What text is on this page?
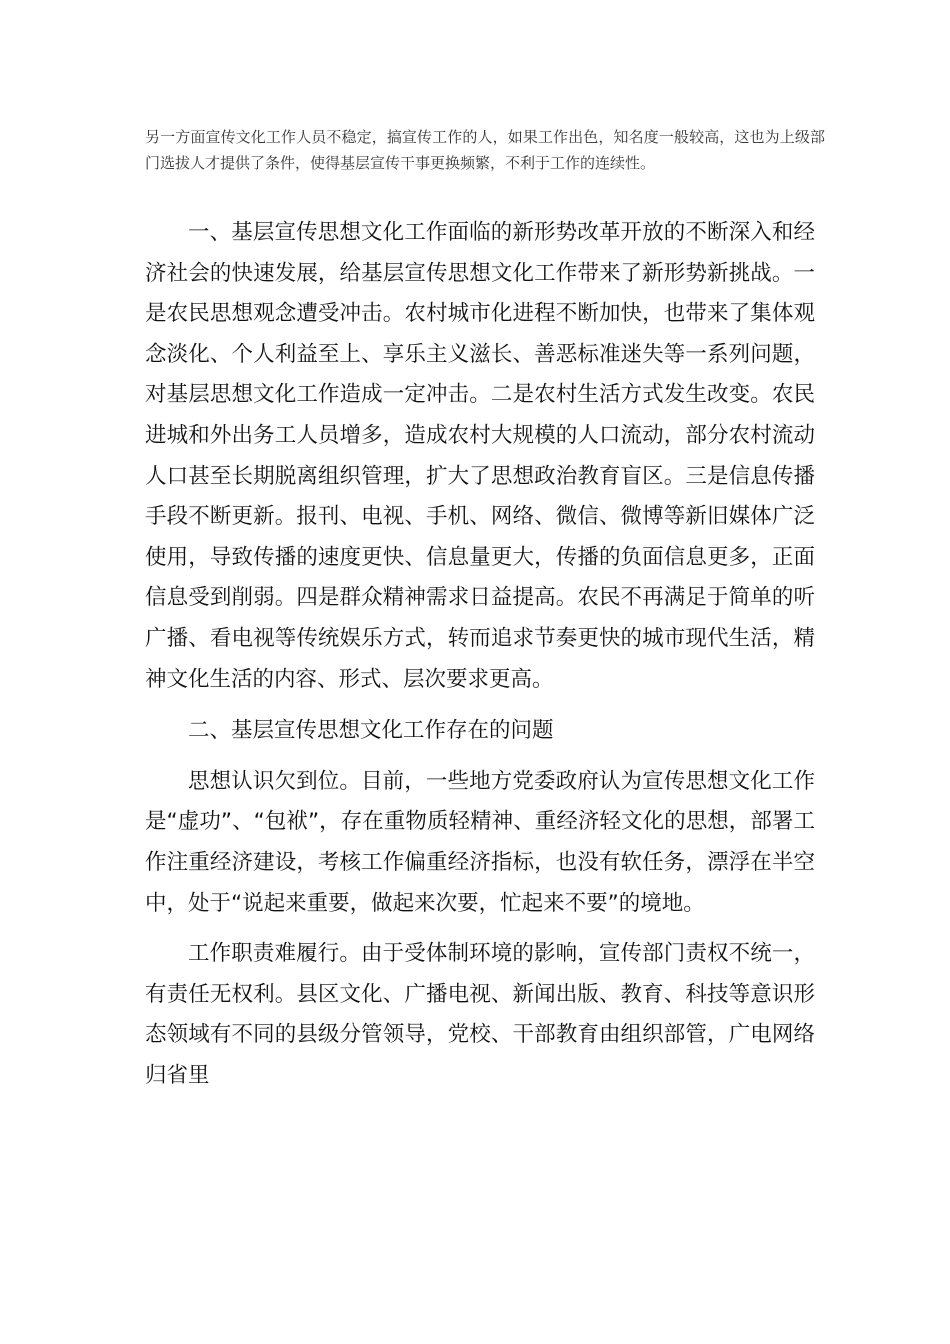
另一方面宣传文化工作人员不稳定，搞宣传工作的人，如果工作出色，知名度一般较高，这也为上级部门选拔人才提供了条件，使得基层宣传干事更换频繁，不利于工作的连续性。

一、基层宣传思想文化工作面临的新形势改革开放的不断深入和经济社会的快速发展，给基层宣传思想文化工作带来了新形势新挑战。一是农民思想观念遭受冲击。农村城市化进程不断加快，也带来了集体观念淡化、个人利益至上、享乐主义滋长、善恶标准迷失等一系列问题，对基层思想文化工作造成一定冲击。二是农村生活方式发生改变。农民进城和外出务工人员增多，造成农村大规模的人口流动，部分农村流动人口甚至长期脱离组织管理，扩大了思想政治教育盲区。三是信息传播手段不断更新。报刊、电视、手机、网络、微信、微博等新旧媒体广泛使用，导致传播的速度更快、信息量更大，传播的负面信息更多，正面信息受到削弱。四是群众精神需求日益提高。农民不再满足于简单的听广播、看电视等传统娱乐方式，转而追求节奏更快的城市现代生活，精神文化生活的内容、形式、层次要求更高。

二、基层宣传思想文化工作存在的问题

思想认识欠到位。目前，一些地方党委政府认为宣传思想文化工作是“虚功”、“包袱”，存在重物质轻精神、重经济轻文化的思想，部署工作注重经济建设，考核工作偏重经济指标，也没有软任务，漂浮在半空中，处于“说起来重要，做起来次要，忙起来不要”的境地。

工作职责难履行。由于受体制环境的影响，宣传部门责权不统一，有责任无权利。县区文化、广播电视、新闻出版、教育、科技等意识形态领域有不同的县级分管领导，党校、干部教育由组织部管，广电网络归省里
